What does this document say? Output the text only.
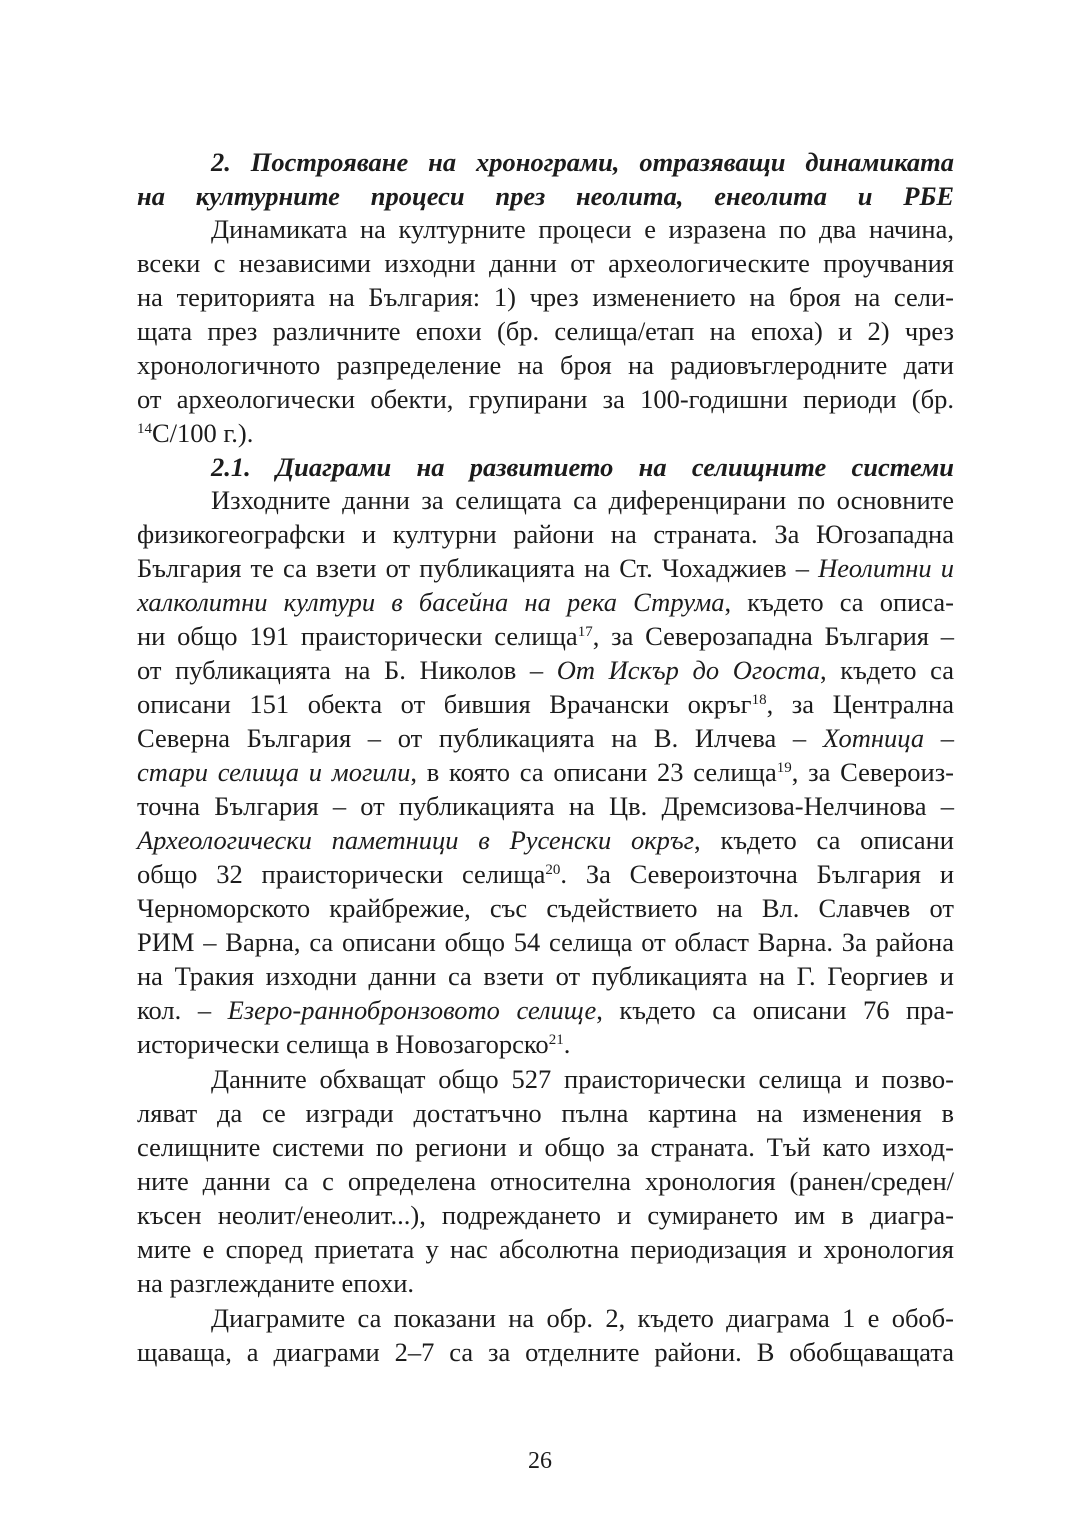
2. Построяване на хронограми, отразяващи динамиката
на културните процеси през неолита, енеолита и РБЕ
Динамиката на културните процеси е изразена по два начина,
всеки с независими изходни данни от археологическите проучвания
на територията на България: 1) чрез изменението на броя на сели-
щата през различните епохи (бр. селища/етап на епоха) и 2) чрез
хронологичното разпределение на броя на радиовъглеродните дати
от археологически обекти, групирани за 100-годишни периоди (бр.
$^{14}$C/100 г.).
2.1. Диаграми на развитието на селищните системи
Изходните данни за селищата са диференцирани по основните
физикогеографски и културни райони на страната. За Югозападна
България те са взети от публикацията на Ст. Чохаджиев – Неолитни и
халколитни култури в басейна на река Струма, където са описа-
ни общо 191 праисторически селища$^{17}$, за Северозападна България –
от публикацията на Б. Николов – От Искър до Огоста, където са
описани 151 обекта от бившия Врачански окръг$^{18}$, за Централна
Северна България – от публикацията на В. Илчева – Хотница –
стари селища и могили, в която са описани 23 селища$^{19}$, за Североиз-
точна България – от публикацията на Цв. Дремсизова-Нелчинова –
Археологически паметници в Русенски окръг, където са описани
общо 32 праисторически селища$^{20}$. За Североизточна България и
Черноморското крайбрежие, със съдействието на Вл. Славчев от
РИМ – Варна, са описани общо 54 селища от област Варна. За района
на Тракия изходни данни са взети от публикацията на Г. Георгиев и
кол. – Езеро-раннобронзовото селище, където са описани 76 пра-
исторически селища в Новозагорско$^{21}$.
Данните обхващат общо 527 праисторически селища и позво-
ляват да се изгради достатъчно пълна картина на изменения в
селищните системи по региони и общо за страната. Тъй като изход-
ните данни са с определена относителна хронология (ранен/среден/
късен неолит/енеолит...), подреждането и сумирането им в диагра-
мите е според приетата у нас абсолютна периодизация и хронология
на разглежданите епохи.
Диаграмите са показани на обр. 2, където диаграма 1 е обоб-
щаваща, а диаграми 2–7 са за отделните райони. В обобщаващата
26
